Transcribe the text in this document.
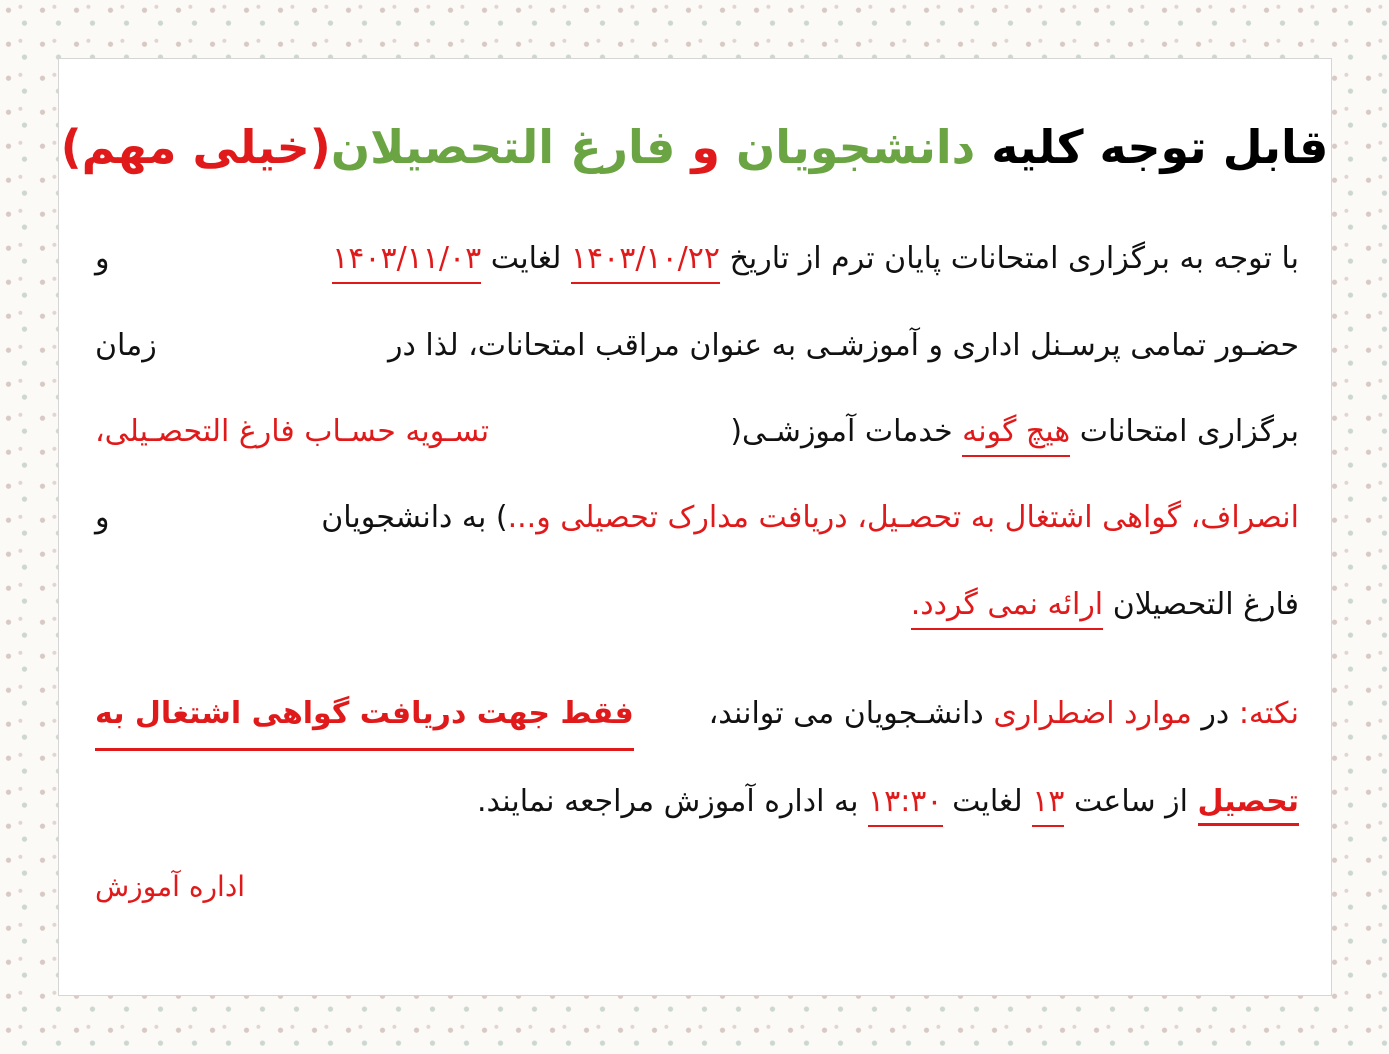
قابل توجه کلیه دانشجویان و فارغ التحصیلان(خیلی مهم)
با توجه به برگزاری امتحانات پایان ترم از تاریخ ۱۴۰۳/۱۰/۲۲ لغایت ۱۴۰۳/۱۱/۰۳
و
حضـور تمامی پرسـنل اداری و آموزشـی به عنوان مراقب امتحانات، لذا در
زمان
برگزاری امتحانات هیچ گونه خدمات آموزشـی(
تسـویه حسـاب فارغ التحصـیلی،
انصراف، گواهی اشتغال به تحصـیل، دریافت مدارک تحصیلی و...) به دانشجویان
و
فارغ التحصیلان ارائه نمی گردد.
نکته: در موارد اضطراری دانشـجویان می توانند،
فقط جهت دریافت گواهی اشتغال به
تحصیل از ساعت ۱۳ لغایت ۱۳:۳۰ به اداره آموزش مراجعه نمایند.
اداره آموزش
